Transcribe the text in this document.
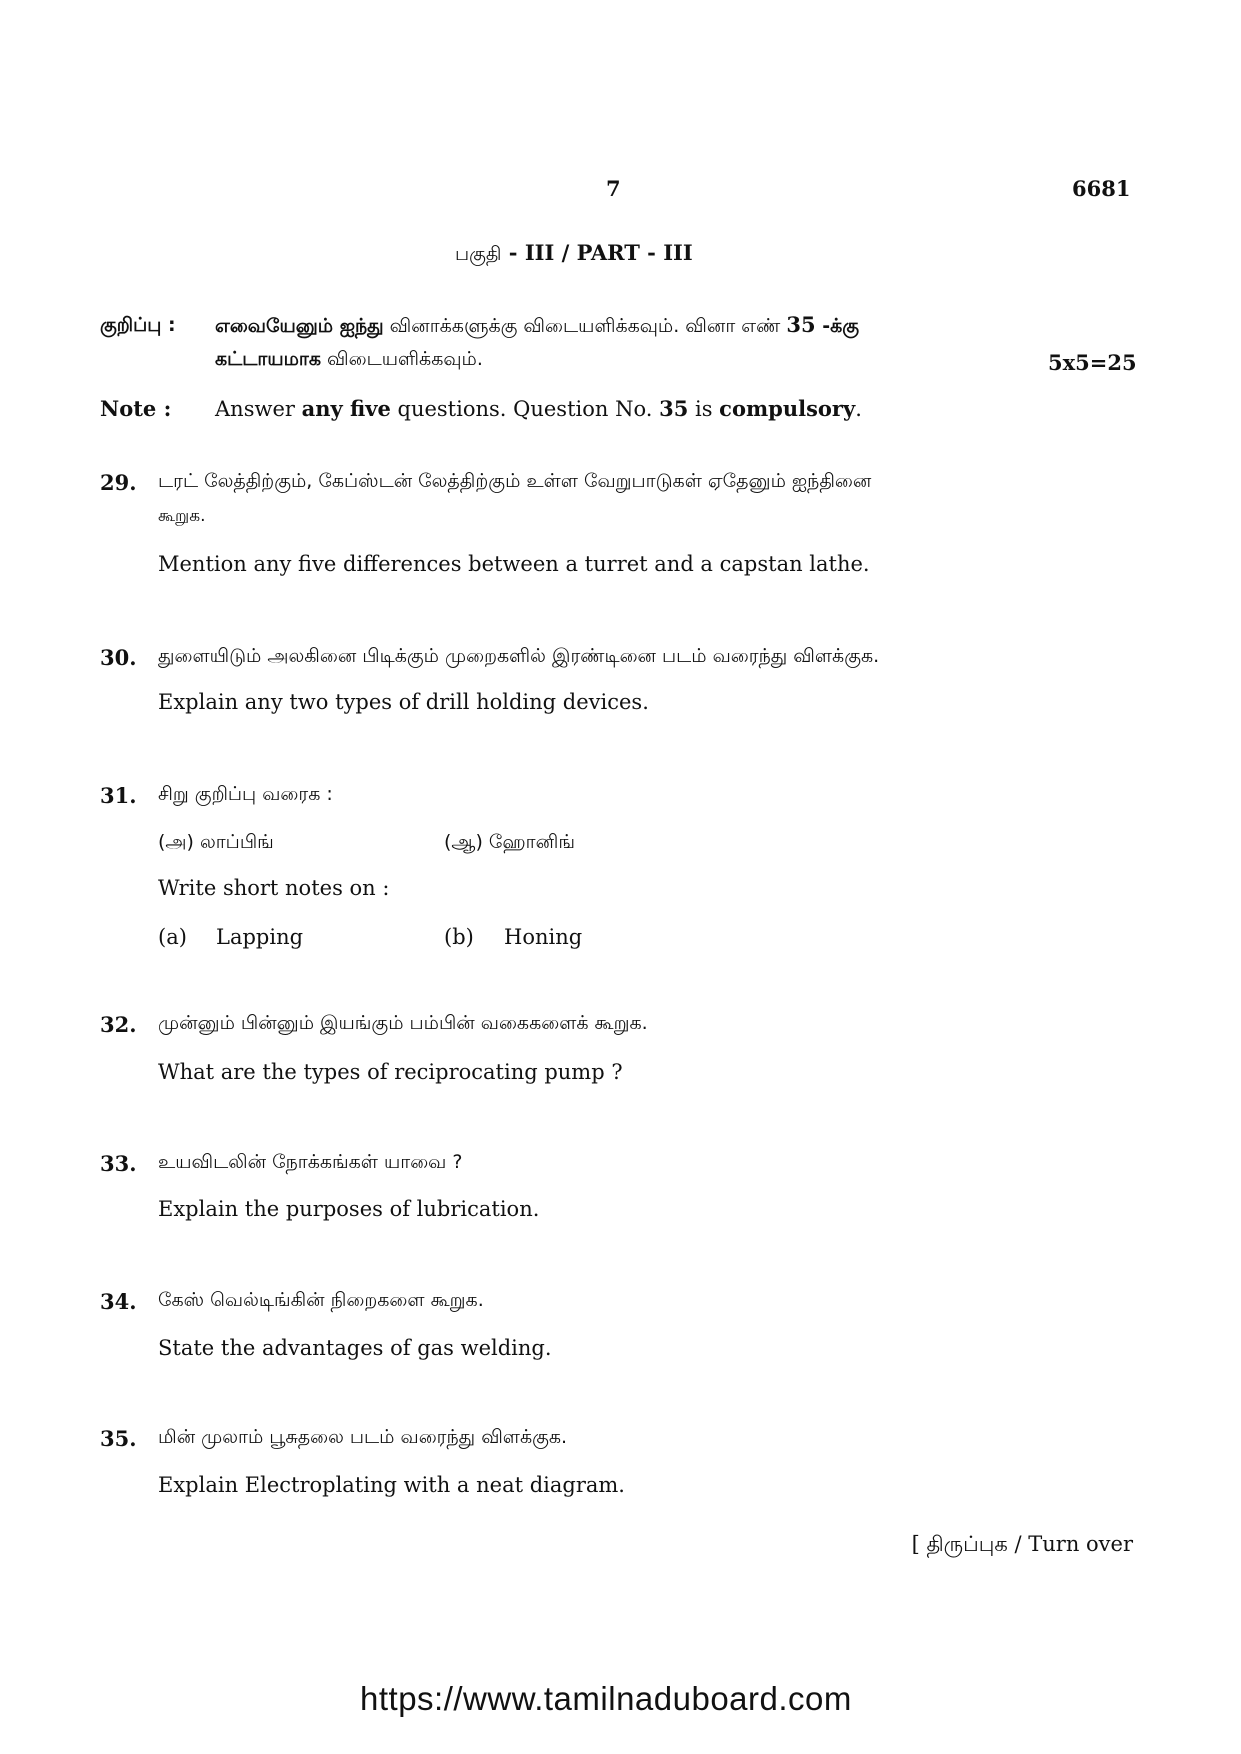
7	6681
பகுதி - III / PART - III
குறிப்பு : எவையேனும் ஐந்து வினாக்களுக்கு விடையளிக்கவும். வினா எண் 35 -க்கு
கட்டாயமாக விடையளிக்கவும்.	5x5=25
Note : Answer any five questions. Question No. 35 is compulsory.
29. டரட் லேத்திற்கும், கேப்ஸ்டன் லேத்திற்கும் உள்ள வேறுபாடுகள் ஏதேனும் ஐந்தினை
கூறுக.
Mention any five differences between a turret and a capstan lathe.
30. துளையிடும் அலகினை பிடிக்கும் முறைகளில் இரண்டினை படம் வரைந்து விளக்குக.
Explain any two types of drill holding devices.
31. சிறு குறிப்பு வரைக :
(அ) லாப்பிங்	(ஆ) ஹோனிங்
Write short notes on :
(a) Lapping	(b) Honing
32. முன்னும் பின்னும் இயங்கும் பம்பின் வகைகளைக் கூறுக.
What are the types of reciprocating pump ?
33. உயவிடலின் நோக்கங்கள் யாவை ?
Explain the purposes of lubrication.
34. கேஸ் வெல்டிங்கின் நிறைகளை கூறுக.
State the advantages of gas welding.
35. மின் முலாம் பூசுதலை படம் வரைந்து விளக்குக.
Explain Electroplating with a neat diagram.
[ திருப்புக / Turn over
https://www.tamilnaduboard.com
